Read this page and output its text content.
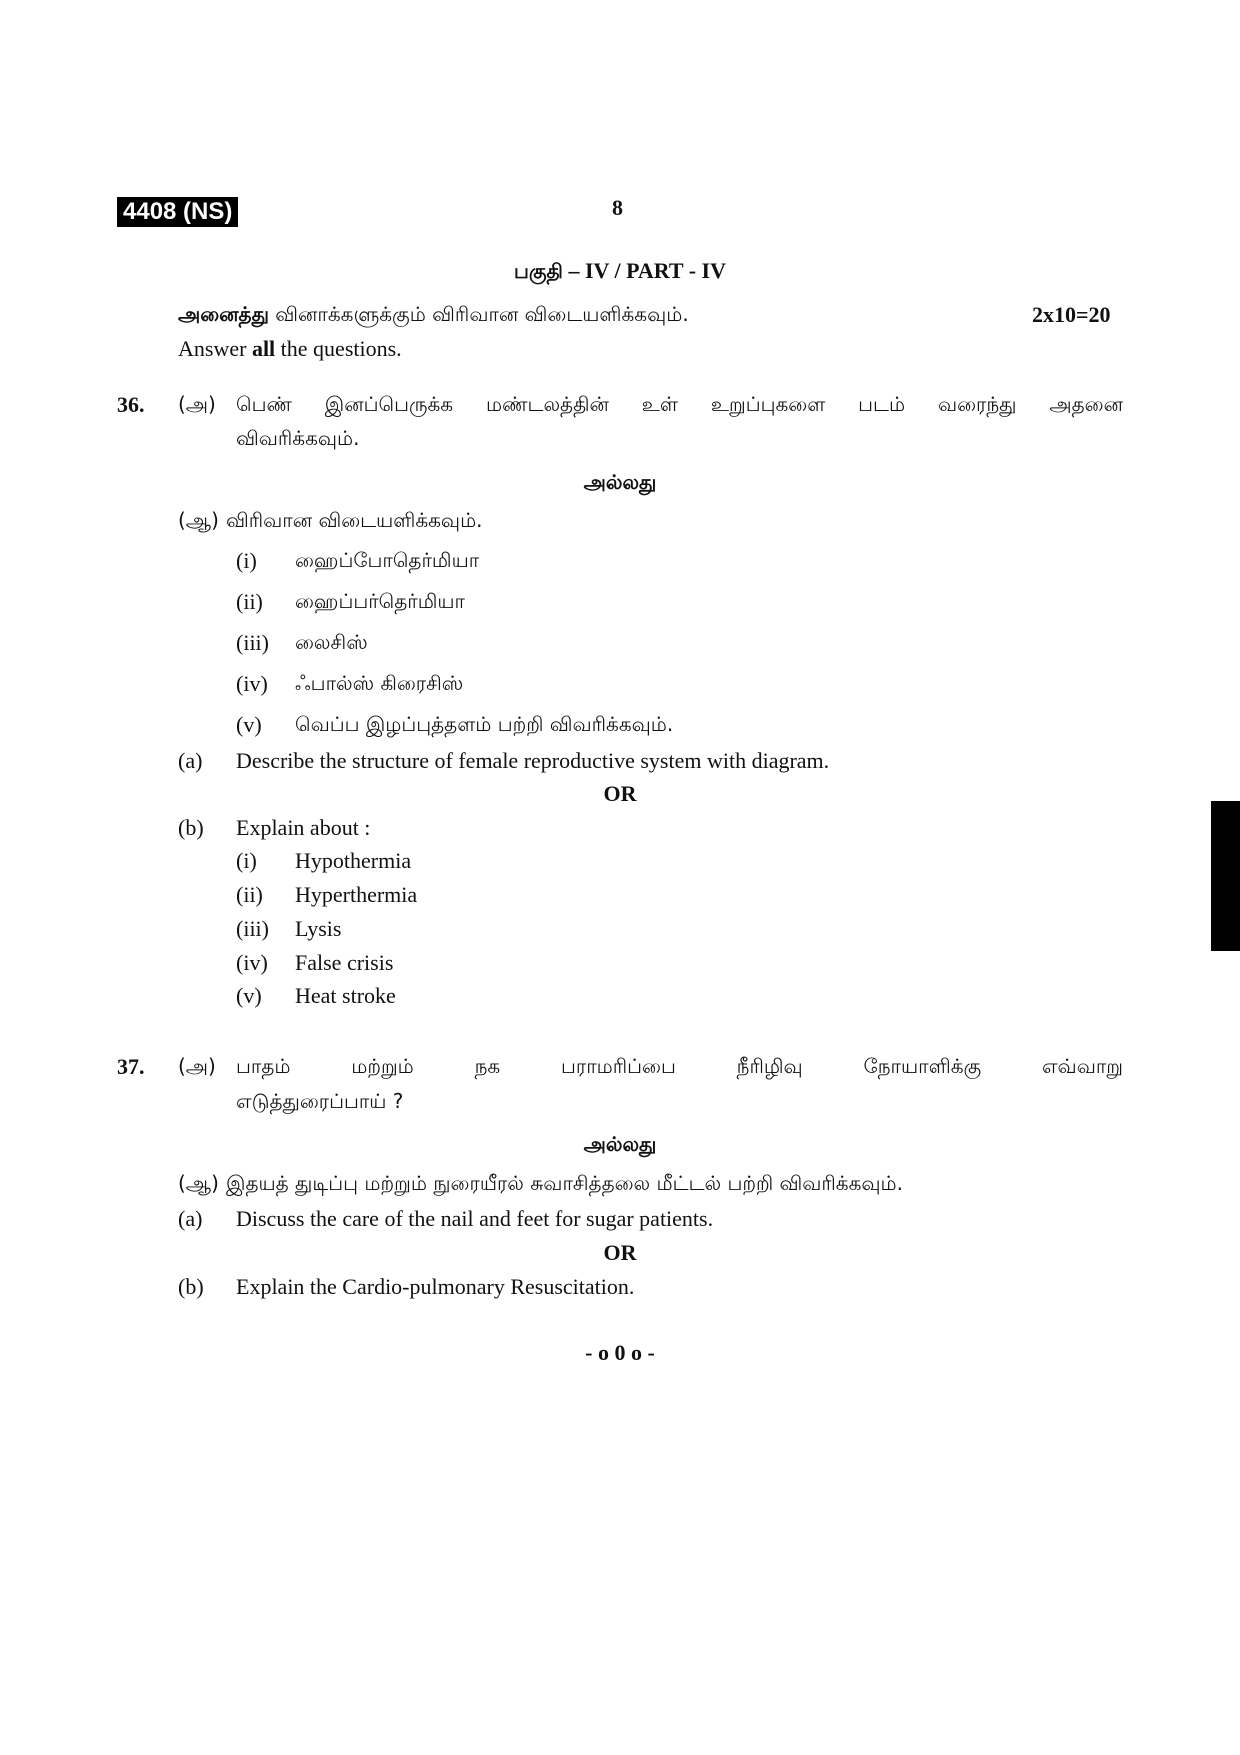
4408 (NS)	8
பகுதி – IV / PART - IV
அனைத்து வினாக்களுக்கும் விரிவான விடையளிக்கவும்.	2x10=20
Answer all the questions.
36. (அ) பெண் இனப்பெருக்க மண்டலத்தின் உள் உறுப்புகளை படம் வரைந்து அதனை
விவரிக்கவும்.
அல்லது
(ஆ) விரிவான விடையளிக்கவும்.
(i)	ஹைப்போதெர்மியா
(ii)	ஹைப்பர்தெர்மியா
(iii)	லைசிஸ்
(iv)	ஃபால்ஸ் கிரைசிஸ்
(v)	வெப்ப இழப்புத்தளம் பற்றி விவரிக்கவும்.
(a) Describe the structure of female reproductive system with diagram.
OR
(b) Explain about :
(i)	Hypothermia
(ii)	Hyperthermia
(iii)	Lysis
(iv)	False crisis
(v)	Heat stroke
37. (அ) பாதம் மற்றும் நக பராமரிப்பை நீரிழிவு நோயாளிக்கு எவ்வாறு
எடுத்துரைப்பாய் ?
அல்லது
(ஆ) இதயத் துடிப்பு மற்றும் நுரையீரல் சுவாசித்தலை மீட்டல் பற்றி விவரிக்கவும்.
(a) Discuss the care of the nail and feet for sugar patients.
OR
(b) Explain the Cardio-pulmonary Resuscitation.
- o 0 o -
